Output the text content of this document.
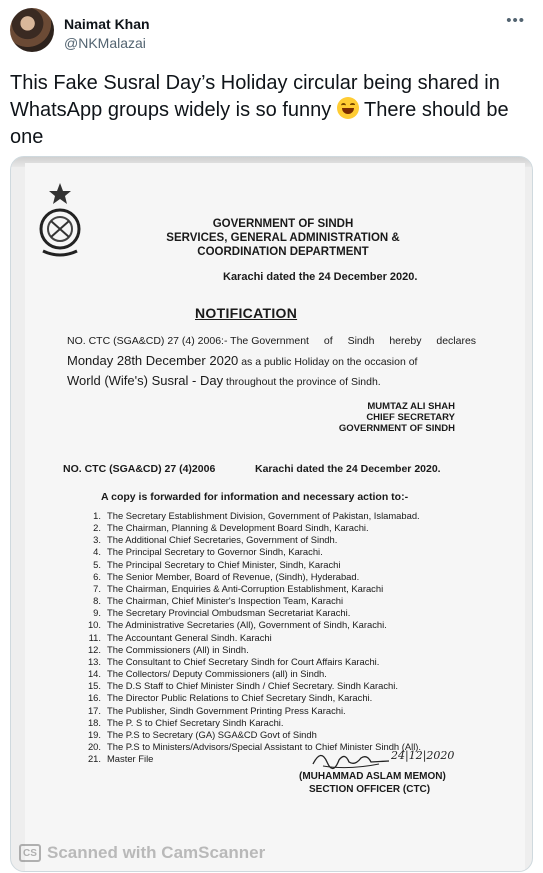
Naimat Khan
@NKMalazai
•••
This Fake Susral Day’s Holiday circular being shared in WhatsApp groups widely is so funny
There should be one
GOVERNMENT OF SINDH
SERVICES, GENERAL ADMINISTRATION &
COORDINATION DEPARTMENT
Karachi dated the 24 December 2020.
NOTIFICATION
NO. CTC (SGA&CD) 27 (4) 2006:- The Government of Sindh hereby declares
Monday 28th December 2020 as a public Holiday on the occasion of
World (Wife's) Susral - Day throughout the province of Sindh.
MUMTAZ ALI SHAH
CHIEF SECRETARY
GOVERNMENT OF SINDH
NO. CTC (SGA&CD) 27 (4)2006	Karachi dated the 24 December 2020.
A copy is forwarded for information and necessary action to:-
1. The Secretary Establishment Division, Government of Pakistan, Islamabad.
2. The Chairman, Planning & Development Board Sindh, Karachi.
3. The Additional Chief Secretaries, Government of Sindh.
4. The Principal Secretary to Governor Sindh, Karachi.
5. The Principal Secretary to Chief Minister, Sindh, Karachi
6. The Senior Member, Board of Revenue, (Sindh), Hyderabad.
7. The Chairman, Enquiries & Anti-Corruption Establishment, Karachi
8. The Chairman, Chief Minister's Inspection Team, Karachi
9. The Secretary Provincial Ombudsman Secretariat Karachi.
10. The Administrative Secretaries (All), Government of Sindh, Karachi.
11. The Accountant General Sindh. Karachi
12. The Commissioners (All) in Sindh.
13. The Consultant to Chief Secretary Sindh for Court Affairs Karachi.
14. The Collectors/ Deputy Commissioners (all) in Sindh.
15. The D.S Staff to Chief Minister Sindh / Chief Secretary. Sindh Karachi.
16. The Director Public Relations to Chief Secretary Sindh, Karachi.
17. The Publisher, Sindh Government Printing Press Karachi.
18. The P. S to Chief Secretary Sindh Karachi.
19. The P.S to Secretary (GA) SGA&CD Govt of Sindh
20. The P.S to Ministers/Advisors/Special Assistant to Chief Minister Sindh (All).
21. Master File	24|12|2020
(MUHAMMAD ASLAM MEMON)
SECTION OFFICER (CTC)
CS Scanned with CamScanner
